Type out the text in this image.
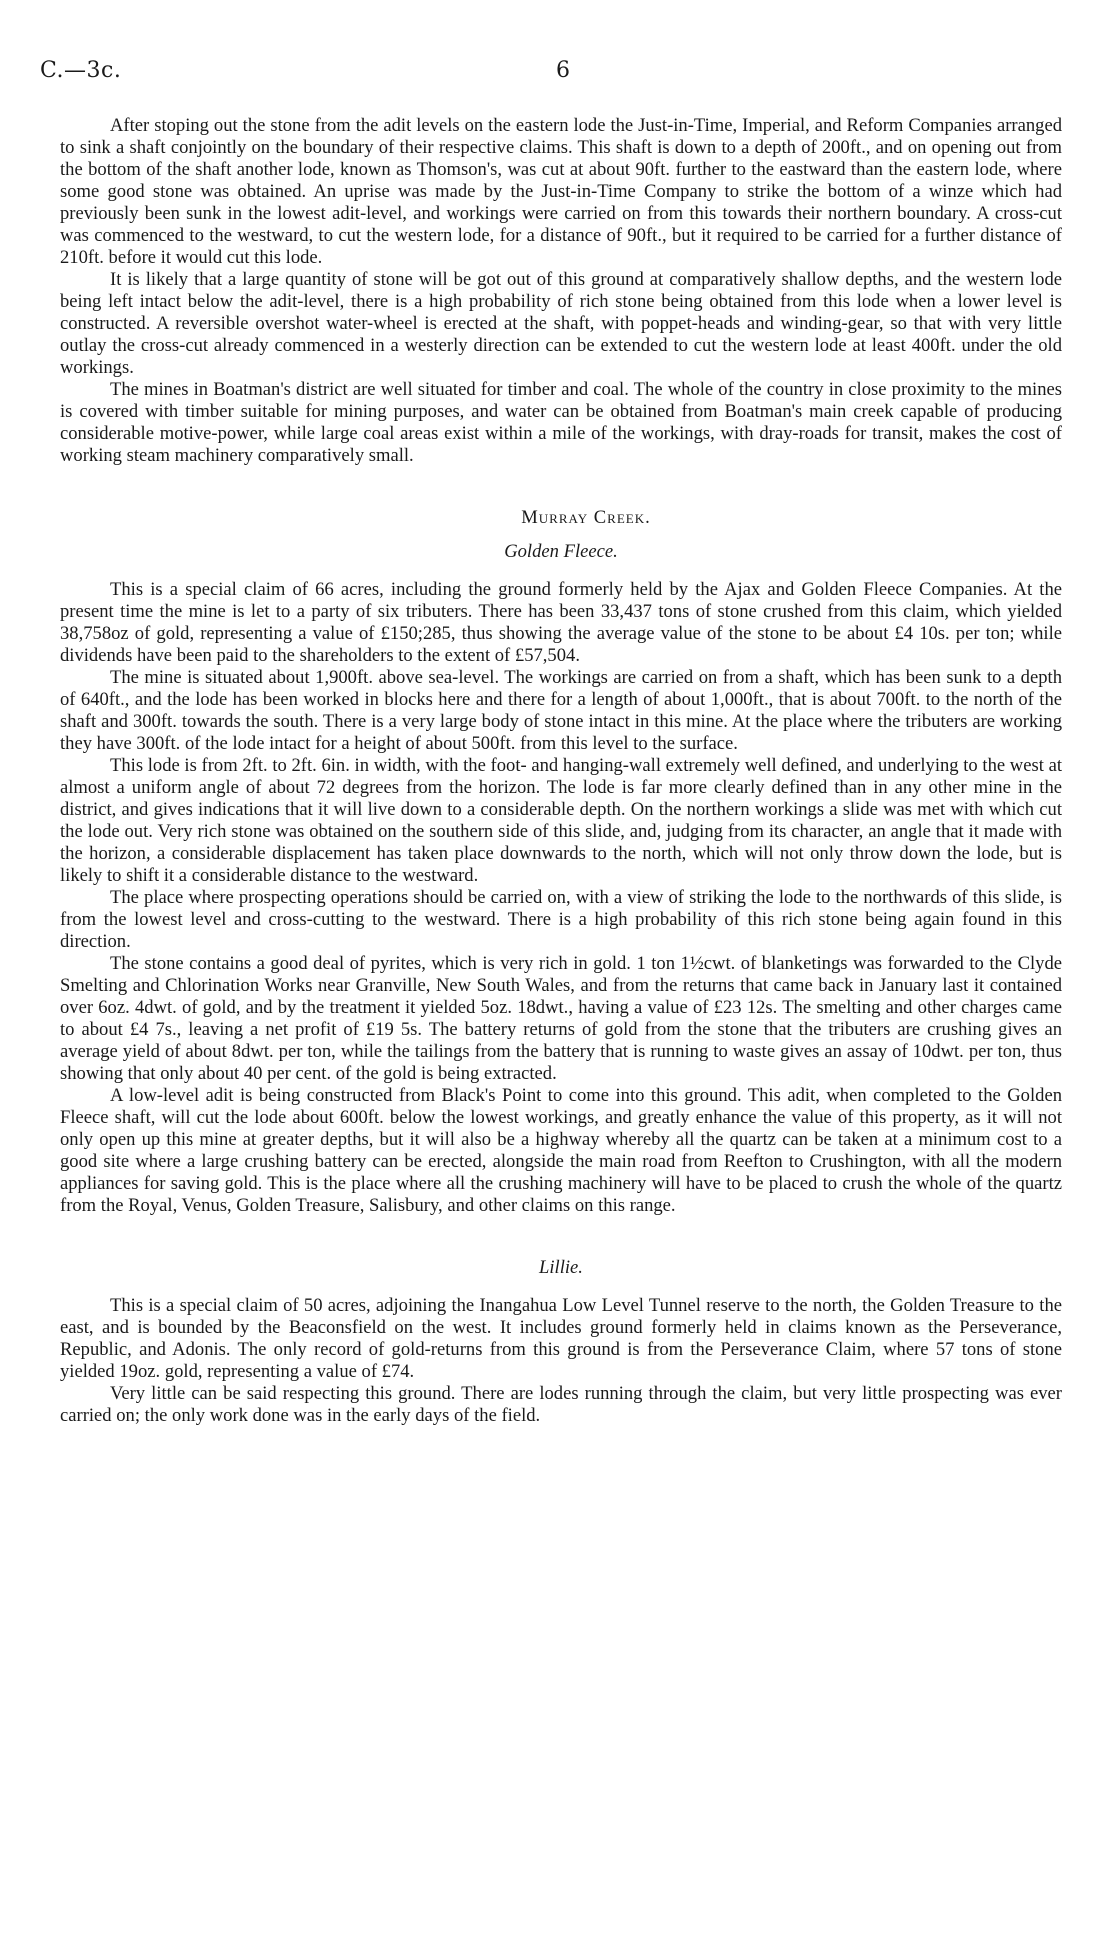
C.—3c.	6

After stoping out the stone from the adit levels on the eastern lode the Just-in-Time, Imperial, and Reform Companies arranged to sink a shaft conjointly on the boundary of their respective claims. This shaft is down to a depth of 200ft., and on opening out from the bottom of the shaft another lode, known as Thomson's, was cut at about 90ft. further to the eastward than the eastern lode, where some good stone was obtained. An uprise was made by the Just-in-Time Company to strike the bottom of a winze which had previously been sunk in the lowest adit-level, and workings were carried on from this towards their northern boundary. A cross-cut was commenced to the westward, to cut the western lode, for a distance of 90ft., but it required to be carried for a further distance of 210ft. before it would cut this lode.

It is likely that a large quantity of stone will be got out of this ground at comparatively shallow depths, and the western lode being left intact below the adit-level, there is a high probability of rich stone being obtained from this lode when a lower level is constructed. A reversible overshot water-wheel is erected at the shaft, with poppet-heads and winding-gear, so that with very little outlay the cross-cut already commenced in a westerly direction can be extended to cut the western lode at least 400ft. under the old workings.

The mines in Boatman's district are well situated for timber and coal. The whole of the country in close proximity to the mines is covered with timber suitable for mining purposes, and water can be obtained from Boatman's main creek capable of producing considerable motive-power, while large coal areas exist within a mile of the workings, with dray-roads for transit, makes the cost of working steam machinery comparatively small.

Murray Creek.

Golden Fleece.

This is a special claim of 66 acres, including the ground formerly held by the Ajax and Golden Fleece Companies. At the present time the mine is let to a party of six tributers. There has been 33,437 tons of stone crushed from this claim, which yielded 38,758oz of gold, representing a value of £150;285, thus showing the average value of the stone to be about £4 10s. per ton; while dividends have been paid to the shareholders to the extent of £57,504.

The mine is situated about 1,900ft. above sea-level. The workings are carried on from a shaft, which has been sunk to a depth of 640ft., and the lode has been worked in blocks here and there for a length of about 1,000ft., that is about 700ft. to the north of the shaft and 300ft. towards the south. There is a very large body of stone intact in this mine. At the place where the tributers are working they have 300ft. of the lode intact for a height of about 500ft. from this level to the surface.

This lode is from 2ft. to 2ft. 6in. in width, with the foot- and hanging-wall extremely well defined, and underlying to the west at almost a uniform angle of about 72 degrees from the horizon. The lode is far more clearly defined than in any other mine in the district, and gives indications that it will live down to a considerable depth. On the northern workings a slide was met with which cut the lode out. Very rich stone was obtained on the southern side of this slide, and, judging from its character, an angle that it made with the horizon, a considerable displacement has taken place downwards to the north, which will not only throw down the lode, but is likely to shift it a considerable distance to the westward.

The place where prospecting operations should be carried on, with a view of striking the lode to the northwards of this slide, is from the lowest level and cross-cutting to the westward. There is a high probability of this rich stone being again found in this direction.

The stone contains a good deal of pyrites, which is very rich in gold. 1 ton 1½cwt. of blanketings was forwarded to the Clyde Smelting and Chlorination Works near Granville, New South Wales, and from the returns that came back in January last it contained over 6oz. 4dwt. of gold, and by the treatment it yielded 5oz. 18dwt., having a value of £23 12s. The smelting and other charges came to about £4 7s., leaving a net profit of £19 5s. The battery returns of gold from the stone that the tributers are crushing gives an average yield of about 8dwt. per ton, while the tailings from the battery that is running to waste gives an assay of 10dwt. per ton, thus showing that only about 40 per cent. of the gold is being extracted.

A low-level adit is being constructed from Black's Point to come into this ground. This adit, when completed to the Golden Fleece shaft, will cut the lode about 600ft. below the lowest workings, and greatly enhance the value of this property, as it will not only open up this mine at greater depths, but it will also be a highway whereby all the quartz can be taken at a minimum cost to a good site where a large crushing battery can be erected, alongside the main road from Reefton to Crushington, with all the modern appliances for saving gold. This is the place where all the crushing machinery will have to be placed to crush the whole of the quartz from the Royal, Venus, Golden Treasure, Salisbury, and other claims on this range.

Lillie.

This is a special claim of 50 acres, adjoining the Inangahua Low Level Tunnel reserve to the north, the Golden Treasure to the east, and is bounded by the Beaconsfield on the west. It includes ground formerly held in claims known as the Perseverance, Republic, and Adonis. The only record of gold-returns from this ground is from the Perseverance Claim, where 57 tons of stone yielded 19oz. gold, representing a value of £74.

Very little can be said respecting this ground. There are lodes running through the claim, but very little prospecting was ever carried on; the only work done was in the early days of the field.
